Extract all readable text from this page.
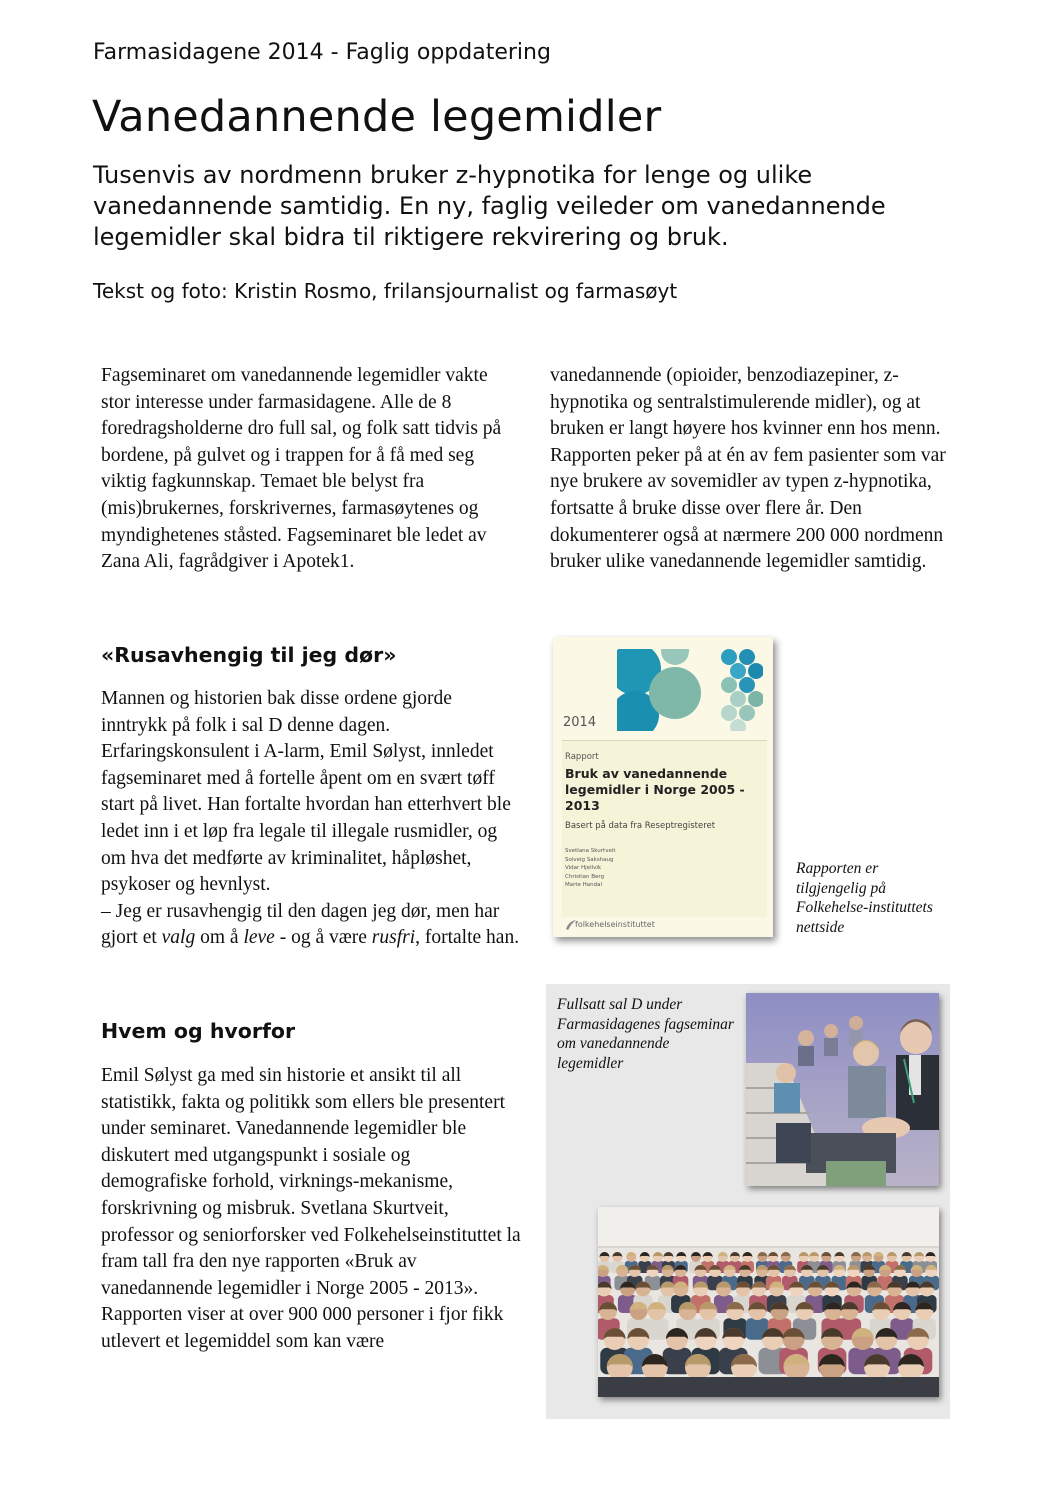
Farmasidagene 2014 - Faglig oppdatering
Vanedannende legemidler
Tusenvis av nordmenn bruker z-hypnotika for lenge og ulike vanedannende samtidig. En ny, faglig veileder om vanedannende legemidler skal bidra til riktigere rekvirering og bruk.
Tekst og foto: Kristin Rosmo, frilansjournalist og farmasøyt

Fagseminaret om vanedannende legemidler vakte stor interesse under farmasidagene. Alle de 8 foredragsholderne dro full sal, og folk satt tidvis på bordene, på gulvet og i trappen for å få med seg viktig fagkunnskap. Temaet ble belyst fra (mis)brukernes, forskrivernes, farmasøytenes og myndighetenes ståsted. Fagseminaret ble ledet av Zana Ali, fagrådgiver i Apotek1.

«Rusavhengig til jeg dør»

Mannen og historien bak disse ordene gjorde inntrykk på folk i sal D denne dagen. Erfaringskonsulent i A-larm, Emil Sølyst, innledet fagseminaret med å fortelle åpent om en svært tøff start på livet. Han fortalte hvordan han etterhvert ble ledet inn i et løp fra legale til illegale rusmidler, og om hva det medførte av kriminalitet, håpløshet, psykoser og hevnlyst.

– Jeg er rusavhengig til den dagen jeg dør, men har gjort et valg om å leve - og å være rusfri, fortalte han.

Hvem og hvorfor

Emil Sølyst ga med sin historie et ansikt til all statistikk, fakta og politikk som ellers ble presentert under seminaret. Vanedannende legemidler ble diskutert med utgangspunkt i sosiale og demografiske forhold, virknings-mekanisme, forskrivning og misbruk. Svetlana Skurtveit, professor og seniorforsker ved Folkehelseinstituttet la fram tall fra den nye rapporten «Bruk av vanedannende legemidler i Norge 2005 - 2013». Rapporten viser at over 900 000 personer i fjor fikk utlevert et legemiddel som kan være

vanedannende (opioider, benzodiazepiner, z-hypnotika og sentralstimulerende midler), og at bruken er langt høyere hos kvinner enn hos menn. Rapporten peker på at én av fem pasienter som var nye brukere av sovemidler av typen z-hypnotika, fortsatte å bruke disse over flere år. Den dokumenterer også at nærmere 200 000 nordmenn bruker ulike vanedannende legemidler samtidig.

2014
Rapport
Bruk av vanedannende legemidler i Norge 2005 - 2013
Basert på data fra Reseptregisteret
Svetlana Skurtveit
Solveig Sakshaug
Vidar Hjellvik
Christian Berg
Marte Handal
folkehelseinstituttet
Rapporten er tilgjengelig på Folkehelse-instituttets nettside
Fullsatt sal D under Farmasidagenes fagseminar om vanedannende legemidler
